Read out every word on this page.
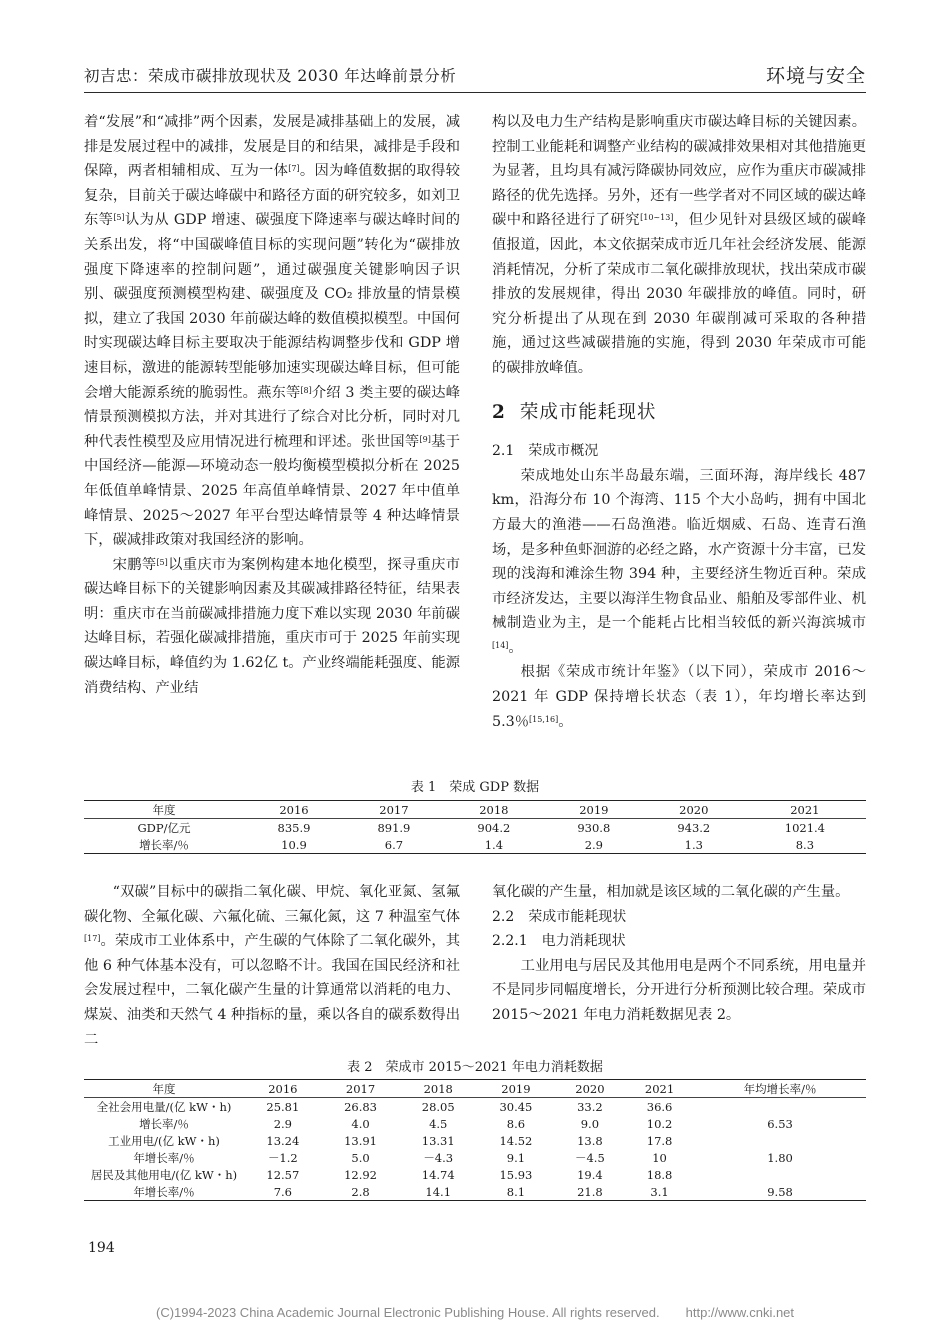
初吉忠：荣成市碳排放现状及 2030 年达峰前景分析	环境与安全

着“发展”和“减排”两个因素，发展是减排基础上的发展，减排是发展过程中的减排，发展是目的和结果，减排是手段和保障，两者相辅相成、互为一体[7]。因为峰值数据的取得较复杂，目前关于碳达峰碳中和路径方面的研究较多，如刘卫东等[5]认为从 GDP 增速、碳强度下降速率与碳达峰时间的关系出发，将“中国碳峰值目标的实现问题”转化为“碳排放强度下降速率的控制问题”，通过碳强度关键影响因子识别、碳强度预测模型构建、碳强度及 CO₂ 排放量的情景模拟，建立了我国 2030 年前碳达峰的数值模拟模型。中国何时实现碳达峰目标主要取决于能源结构调整步伐和 GDP 增速目标，激进的能源转型能够加速实现碳达峰目标，但可能会增大能源系统的脆弱性。燕东等[8]介绍 3 类主要的碳达峰情景预测模拟方法，并对其进行了综合对比分析，同时对几种代表性模型及应用情况进行梳理和评述。张世国等[9]基于中国经济—能源—环境动态一般均衡模型模拟分析在 2025 年低值单峰情景、2025 年高值单峰情景、2027 年中值单峰情景、2025～2027 年平台型达峰情景等 4 种达峰情景下，碳减排政策对我国经济的影响。

宋鹏等[5]以重庆市为案例构建本地化模型，探寻重庆市碳达峰目标下的关键影响因素及其碳减排路径特征，结果表明：重庆市在当前碳减排措施力度下难以实现 2030 年前碳达峰目标，若强化碳减排措施，重庆市可于 2025 年前实现碳达峰目标，峰值约为 1.62亿 t。产业终端能耗强度、能源消费结构、产业结

构以及电力生产结构是影响重庆市碳达峰目标的关键因素。控制工业能耗和调整产业结构的碳减排效果相对其他措施更为显著，且均具有减污降碳协同效应，应作为重庆市碳减排路径的优先选择。另外，还有一些学者对不同区域的碳达峰碳中和路径进行了研究[10~13]，但少见针对县级区域的碳峰值报道，因此，本文依据荣成市近几年社会经济发展、能源消耗情况，分析了荣成市二氧化碳排放现状，找出荣成市碳排放的发展规律，得出 2030 年碳排放的峰值。同时，研究分析提出了从现在到 2030 年碳削减可采取的各种措施，通过这些减碳措施的实施，得到 2030 年荣成市可能的碳排放峰值。

2 荣成市能耗现状

2.1 荣成市概况

荣成地处山东半岛最东端，三面环海，海岸线长 487 km，沿海分布 10 个海湾、115 个大小岛屿，拥有中国北方最大的渔港——石岛渔港。临近烟威、石岛、连青石渔场，是多种鱼虾洄游的必经之路，水产资源十分丰富，已发现的浅海和滩涂生物 394 种，主要经济生物近百种。荣成市经济发达，主要以海洋生物食品业、船舶及零部件业、机械制造业为主，是一个能耗占比相当较低的新兴海滨城市[14]。

根据《荣成市统计年鉴》（以下同），荣成市 2016～2021 年 GDP 保持增长状态（表 1），年均增长率达到 5.3％[15,16]。

表 1　荣成 GDP 数据
年度	2016	2017	2018	2019	2020	2021
GDP/亿元	835.9	891.9	904.2	930.8	943.2	1021.4
增长率/％	10.9	6.7	1.4	2.9	1.3	8.3

“双碳”目标中的碳指二氧化碳、甲烷、氧化亚氮、氢氟碳化物、全氟化碳、六氟化硫、三氟化氮，这 7 种温室气体[17]。荣成市工业体系中，产生碳的气体除了二氧化碳外，其他 6 种气体基本没有，可以忽略不计。我国在国民经济和社会发展过程中，二氧化碳产生量的计算通常以消耗的电力、煤炭、油类和天然气 4 种指标的量，乘以各自的碳系数得出二

氧化碳的产生量，相加就是该区域的二氧化碳的产生量。

2.2 荣成市能耗现状

2.2.1 电力消耗现状

工业用电与居民及其他用电是两个不同系统，用电量并不是同步同幅度增长，分开进行分析预测比较合理。荣成市 2015～2021 年电力消耗数据见表 2。

表 2　荣成市 2015～2021 年电力消耗数据
年度	2016	2017	2018	2019	2020	2021	年均增长率/％
全社会用电量/(亿 kW・h)	25.81	26.83	28.05	30.45	33.2	36.6	
增长率/％	2.9	4.0	4.5	8.6	9.0	10.2	6.53
工业用电/(亿 kW・h)	13.24	13.91	13.31	14.52	13.8	17.8	
年增长率/％	－1.2	5.0	－4.3	9.1	－4.5	10	1.80
居民及其他用电/(亿 kW・h)	12.57	12.92	14.74	15.93	19.4	18.8	
年增长率/％	7.6	2.8	14.1	8.1	21.8	3.1	9.58
194
(C)1994-2023 China Academic Journal Electronic Publishing House. All rights reserved.　　http://www.cnki.net
